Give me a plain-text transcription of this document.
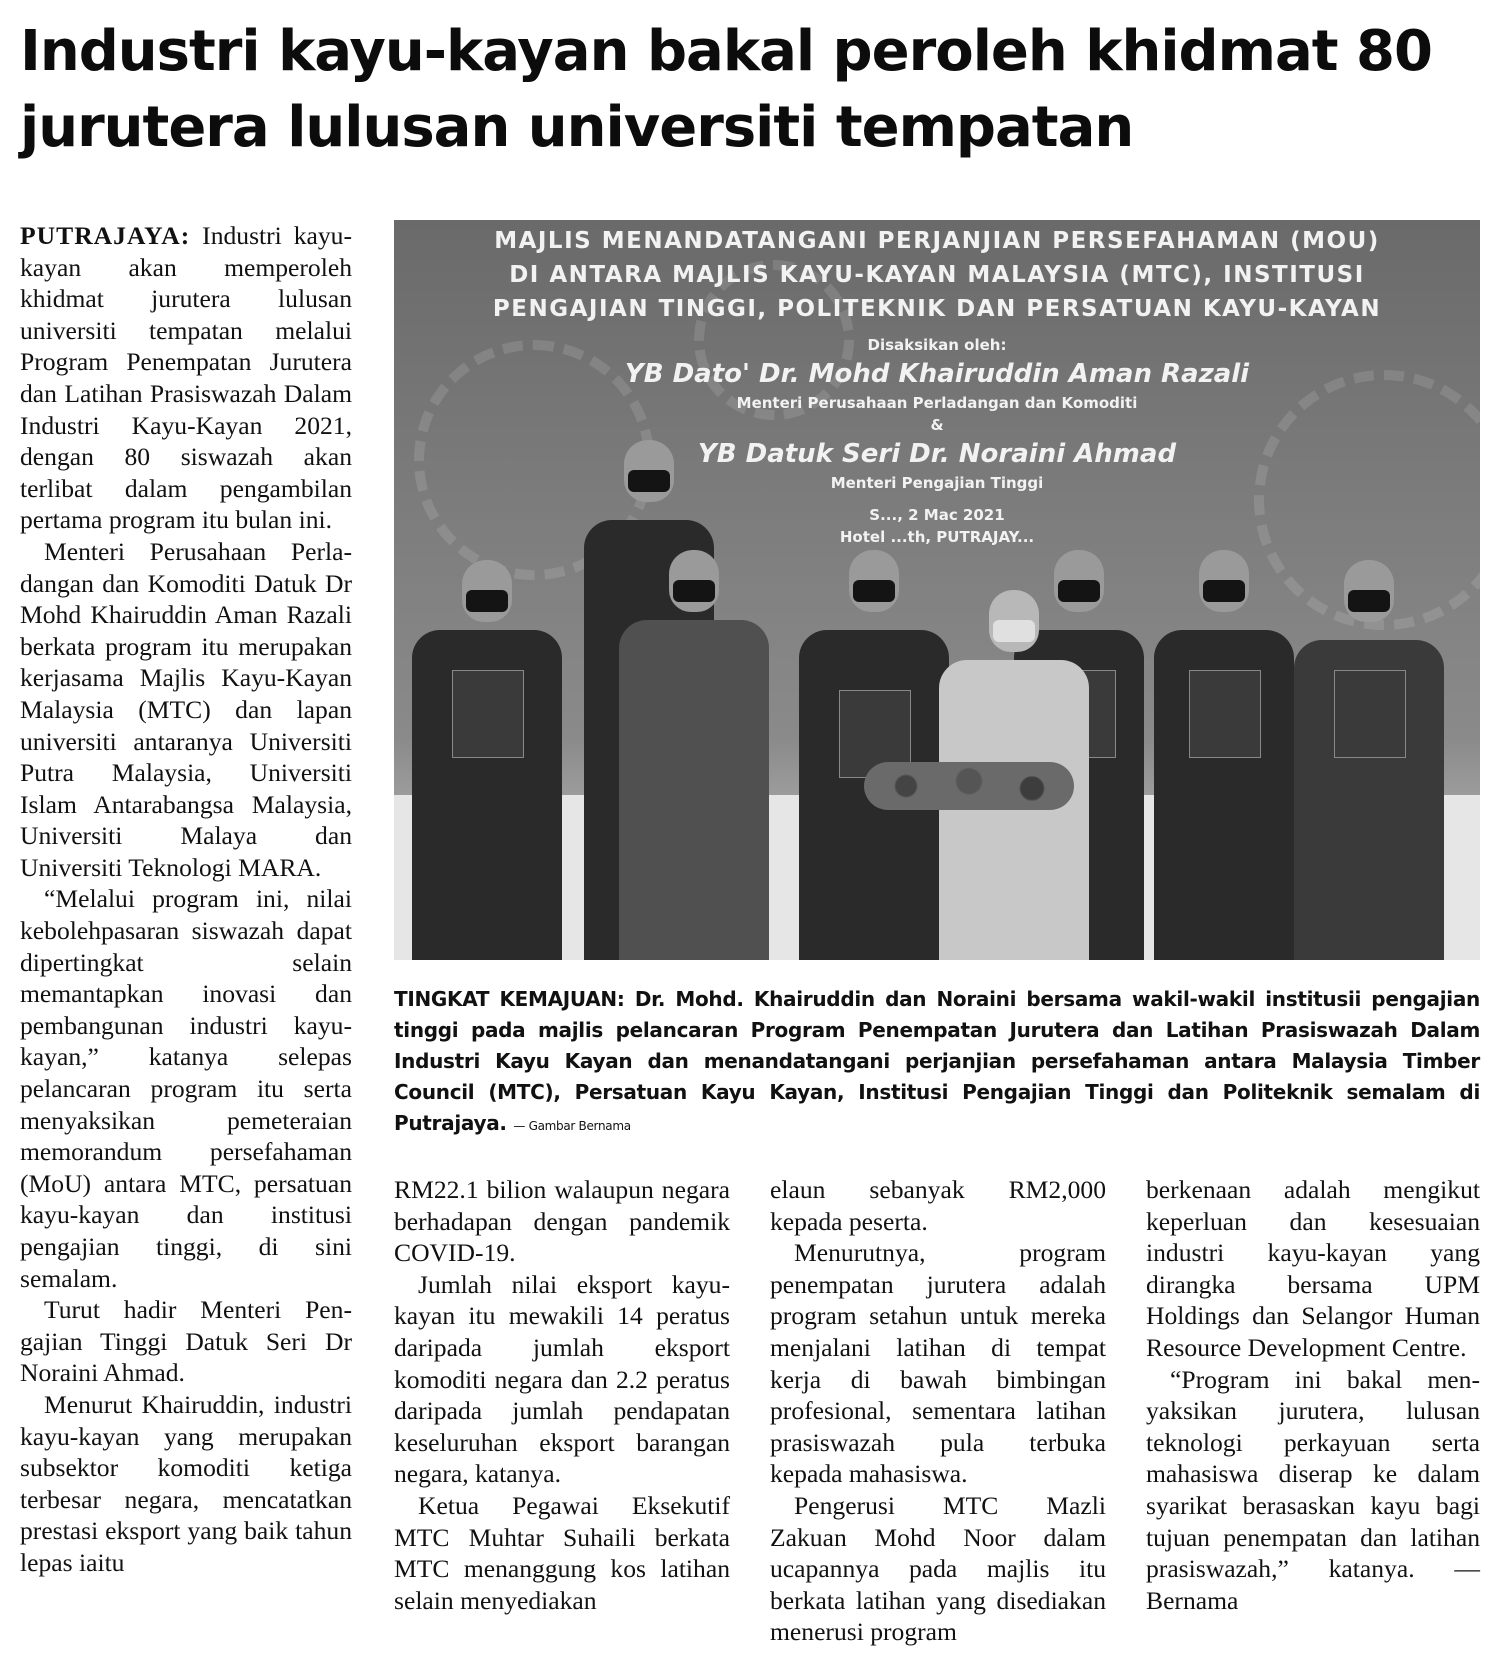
Industri kayu-kayan bakal peroleh khidmat 80 jurutera lulusan universiti tempatan

PUTRAJAYA: Industri kayu-kayan akan memperoleh khidmat jurutera lulusan universiti tempatan melalui Program Penempatan Jurutera dan Latihan Prasiswazah Dalam Industri Kayu-Kayan 2021, dengan 80 siswazah akan terlibat dalam pengambilan pertama program itu bulan ini.

Menteri Perusahaan Perladangan dan Komoditi Datuk Dr Mohd Khairuddin Aman Razali berkata program itu merupakan kerjasama Majlis Kayu-Kayan Malaysia (MTC) dan lapan universiti antaranya Universiti Putra Malaysia, Universiti Islam Antarabangsa Malaysia, Universiti Malaya dan Universiti Teknologi MARA.

“Melalui program ini, nilai kebolehpasaran siswazah dapat dipertingkat selain memantapkan inovasi dan pembangunan industri kayu-kayan,” katanya selepas pelancaran program itu serta menyaksikan pemeteraian memorandum persefahaman (MoU) antara MTC, persatuan kayu-kayan dan institusi pengajian tinggi, di sini semalam.

Turut hadir Menteri Pengajian Tinggi Datuk Seri Dr Noraini Ahmad.

Menurut Khairuddin, industri kayu-kayan yang merupakan subsektor komoditi ketiga terbesar negara, mencatatkan prestasi eksport yang baik tahun lepas iaitu

MAJLIS MENANDATANGANI PERJANJIAN PERSEFAHAMAN (MOU)
DI ANTARA MAJLIS KAYU-KAYAN MALAYSIA (MTC), INSTITUSI
PENGAJIAN TINGGI, POLITEKNIK DAN PERSATUAN KAYU-KAYAN
Disaksikan oleh:
YB Dato' Dr. Mohd Khairuddin Aman Razali
Menteri Perusahaan Perladangan dan Komoditi
&
YB Datuk Seri Dr. Noraini Ahmad
Menteri Pengajian Tinggi
S..., 2 Mac 2021
Hotel ...th, PUTRAJAY...

TINGKAT KEMAJUAN: Dr. Mohd. Khairuddin dan Noraini bersama wakil-wakil institusii pengajian tinggi pada majlis pelancaran Program Penempatan Jurutera dan Latihan Prasiswazah Dalam Industri Kayu Kayan dan menandatangani perjanjian persefahaman antara Malaysia Timber Council (MTC), Persatuan Kayu Kayan, Institusi Pengajian Tinggi dan Politeknik semalam di Putrajaya. — Gambar Bernama

RM22.1 bilion walaupun negara berhadapan dengan pandemik COVID-19.

Jumlah nilai eksport kayu-kayan itu mewakili 14 peratus daripada jumlah eksport komoditi negara dan 2.2 peratus daripada jumlah pendapatan keseluruhan eksport barangan negara, katanya.

Ketua Pegawai Eksekutif MTC Muhtar Suhaili berkata MTC menanggung kos latihan selain menyediakan

elaun sebanyak RM2,000 kepada peserta.

Menurutnya, program penempatan jurutera adalah program setahun untuk mereka menjalani latihan di tempat kerja di bawah bimbingan profesional, sementara latihan prasiswazah pula terbuka kepada mahasiswa.

Pengerusi MTC Mazli Zakuan Mohd Noor dalam ucapannya pada majlis itu berkata latihan yang disediakan menerusi program

berkenaan adalah mengikut keperluan dan kesesuaian industri kayu-kayan yang dirangka bersama UPM Holdings dan Selangor Human Resource Development Centre.

“Program ini bakal menyaksikan jurutera, lulusan teknologi perkayuan serta mahasiswa diserap ke dalam syarikat berasaskan kayu bagi tujuan penempatan dan latihan prasiswazah,” katanya. — Bernama
